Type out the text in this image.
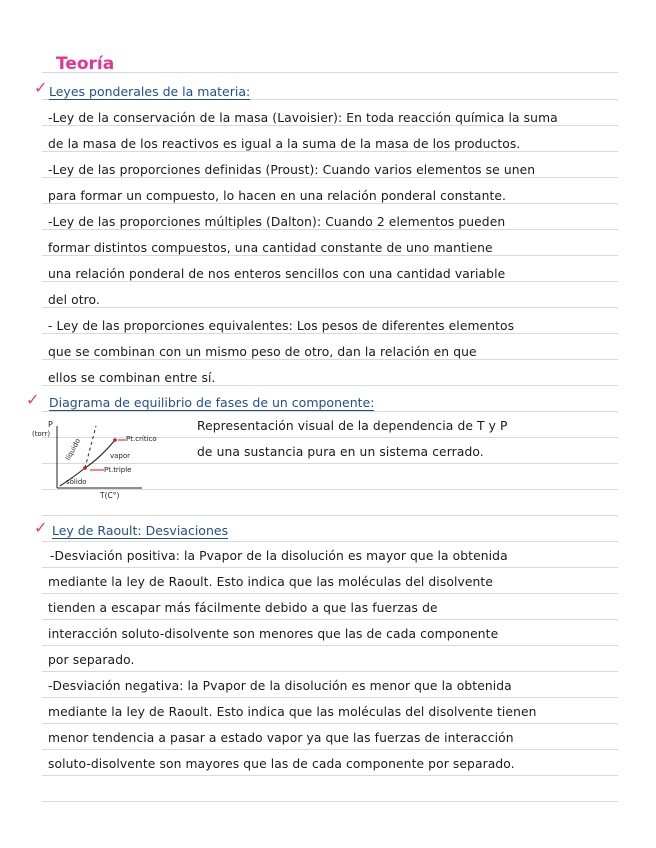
Teoría
✓ Leyes ponderales de la materia:
-Ley de la conservación de la masa (Lavoisier): En toda reacción química la suma
de la masa de los reactivos es igual a la suma de la masa de los productos.
-Ley de las proporciones definidas (Proust): Cuando varios elementos se unen
para formar un compuesto, lo hacen en una relación ponderal constante.
-Ley de las proporciones múltiples (Dalton): Cuando 2 elementos pueden
formar distintos compuestos, una cantidad constante de uno mantiene
una relación ponderal de nos enteros sencillos con una cantidad variable
del otro.
- Ley de las proporciones equivalentes: Los pesos de diferentes elementos
que se combinan con un mismo peso de otro, dan la relación en que
ellos se combinan entre sí.
✓ Diagrama de equilibrio de fases de un componente:
P
(torr)
líquido
sólido
vapor
Pt.crítico
Pt.triple
T(C°)
Representación visual de la dependencia de T y P
de una sustancia pura en un sistema cerrado.
✓ Ley de Raoult: Desviaciones
-Desviación positiva: la Pvapor de la disolución es mayor que la obtenida
mediante la ley de Raoult. Esto indica que las moléculas del disolvente
tienden a escapar más fácilmente debido a que las fuerzas de
interacción soluto-disolvente son menores que las de cada componente
por separado.
-Desviación negativa: la Pvapor de la disolución es menor que la obtenida
mediante la ley de Raoult. Esto indica que las moléculas del disolvente tienen
menor tendencia a pasar a estado vapor ya que las fuerzas de interacción
soluto-disolvente son mayores que las de cada componente por separado.
